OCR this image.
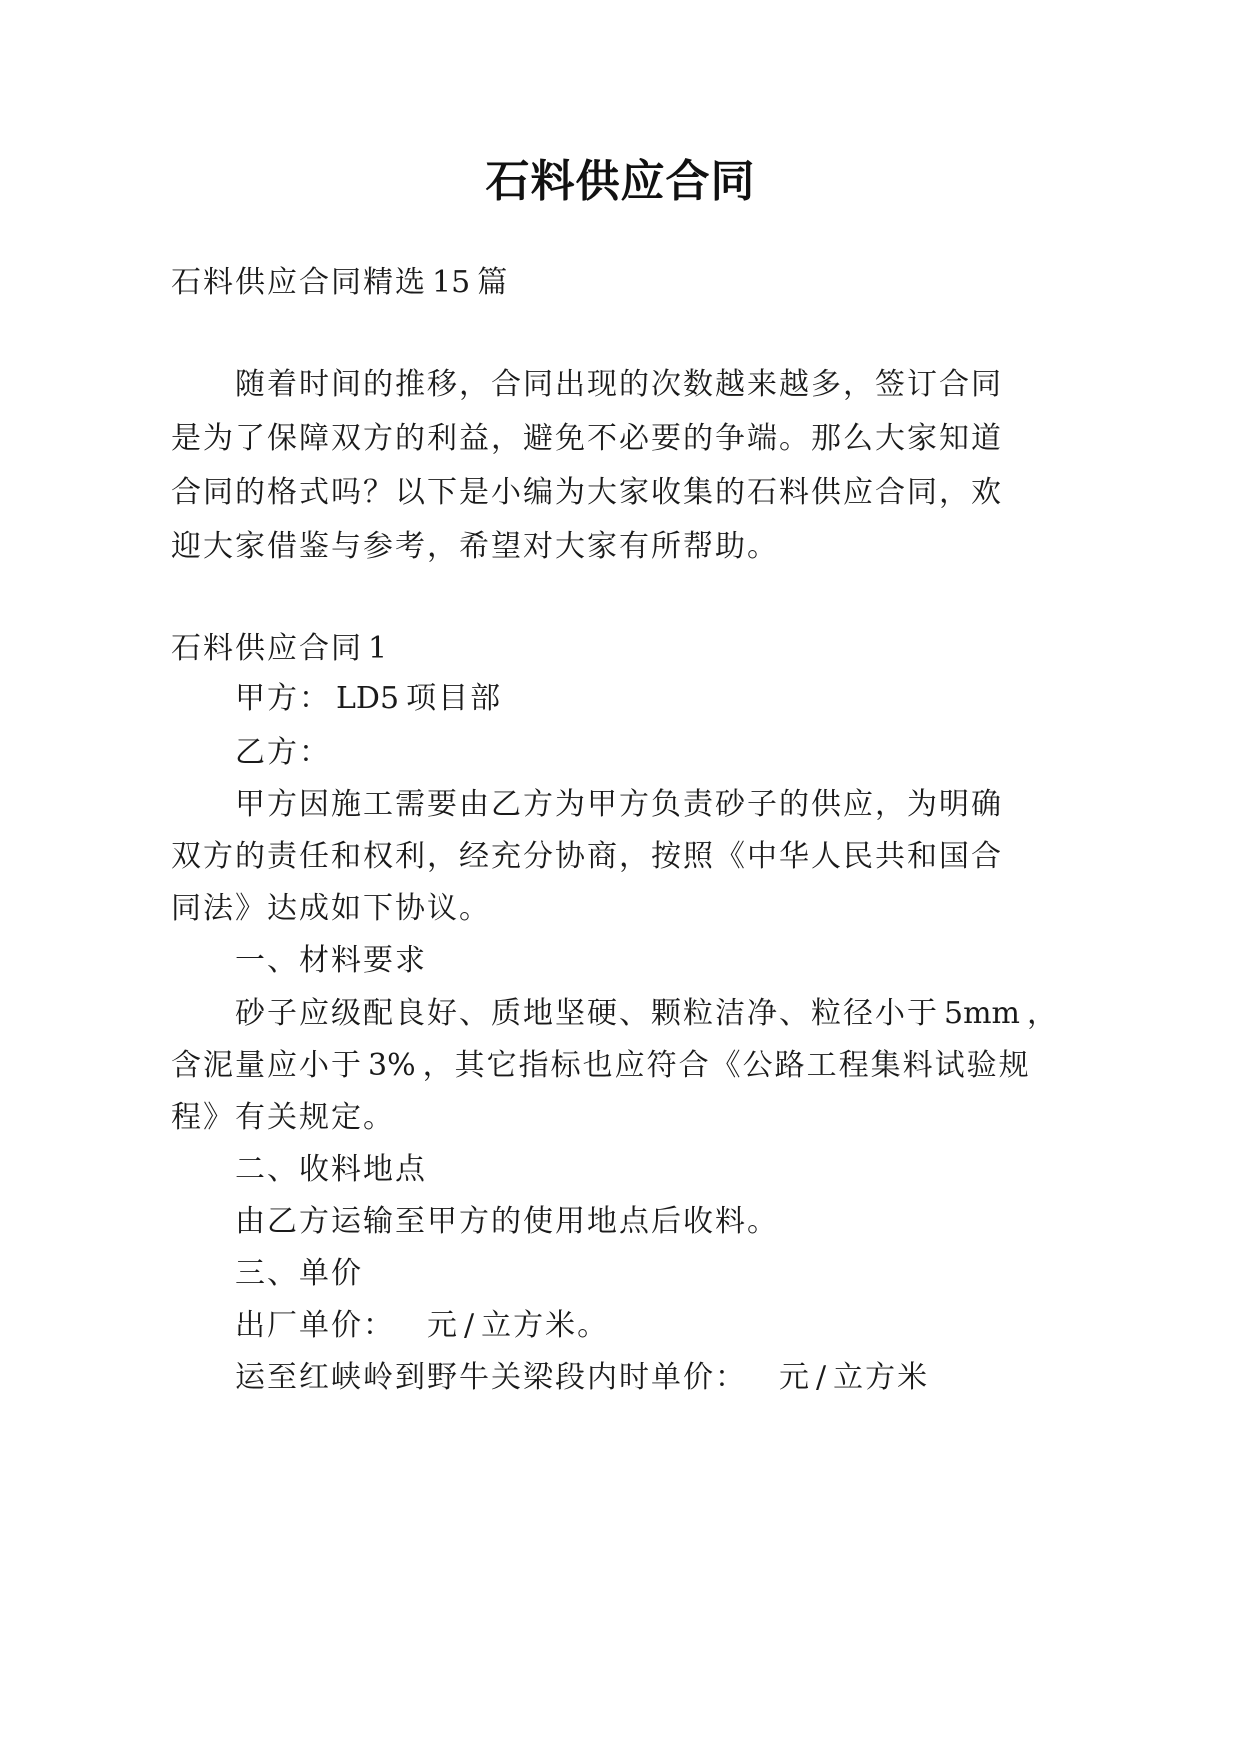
石料供应合同
石料供应合同精选 15 篇
随着时间的推移，合同出现的次数越来越多，签订合同
是为了保障双方的利益，避免不必要的争端。那么大家知道
合同的格式吗？以下是小编为大家收集的石料供应合同，欢
迎大家借鉴与参考，希望对大家有所帮助。
石料供应合同 1
甲方： LD5 项目部
乙方：
甲方因施工需要由乙方为甲方负责砂子的供应，为明确
双方的责任和权利，经充分协商，按照《中华人民共和国合
同法》达成如下协议。
一、材料要求
砂子应级配良好、质地坚硬、颗粒洁净、粒径小于 5mm ，
含泥量应小于 3% ，其它指标也应符合《公路工程集料试验规
程》有关规定。
二、收料地点
由乙方运输至甲方的使用地点后收料。
三、单价
出厂单价： 元 / 立方米。
运至红峡岭到野牛关梁段内时单价： 元 / 立方米
